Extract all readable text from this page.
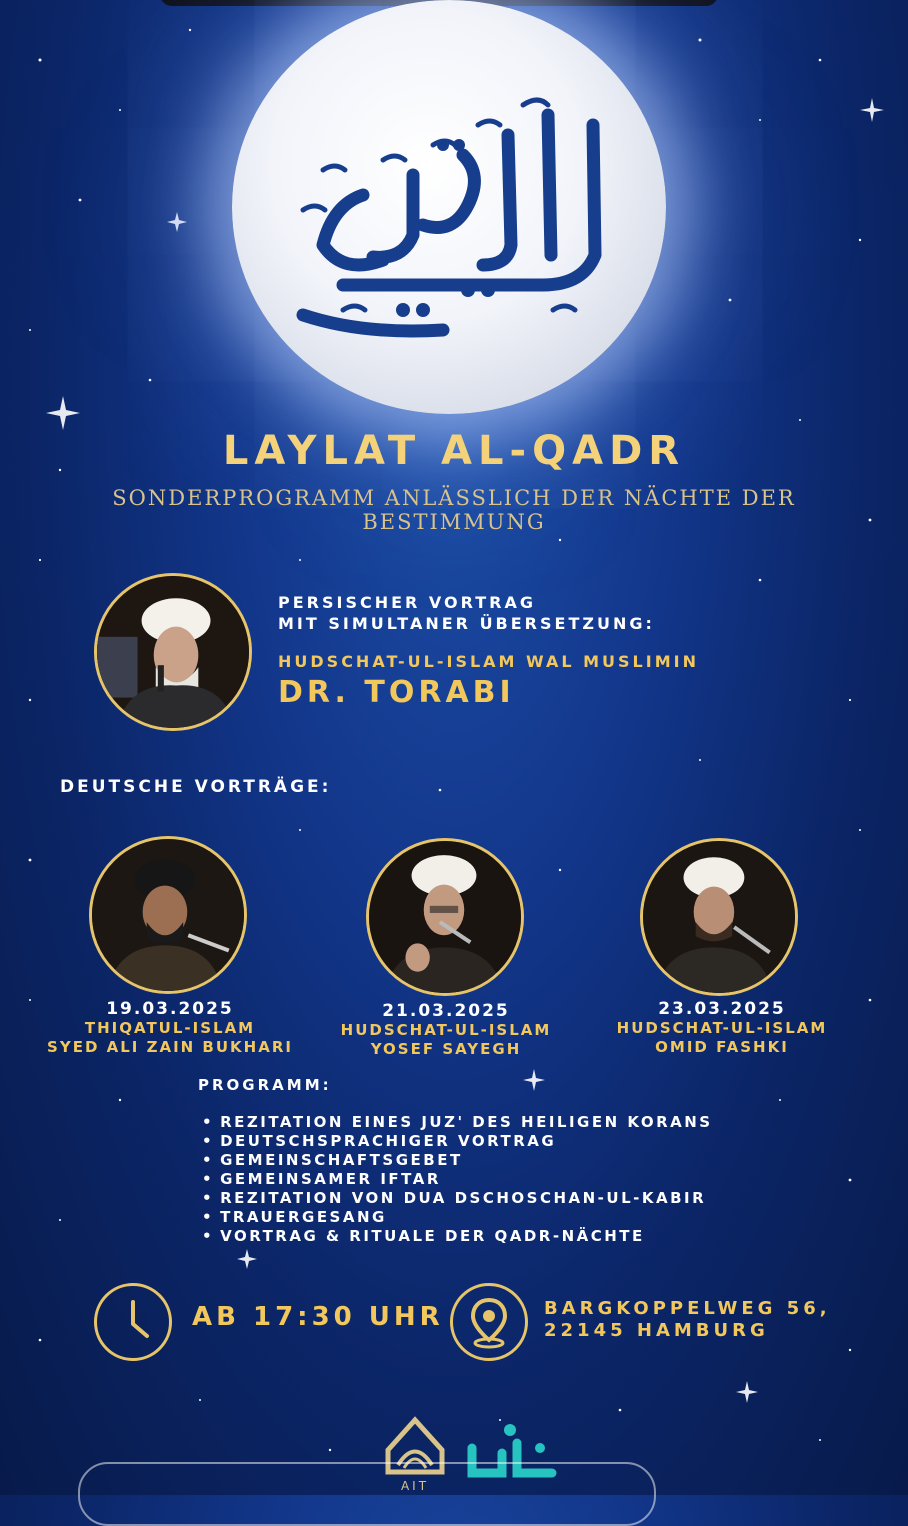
LAYLAT AL-QADR
SONDERPROGRAMM ANLÄSSLICH DER NÄCHTE DER BESTIMMUNG
PERSISCHER VORTRAG
MIT SIMULTANER ÜBERSETZUNG:
HUDSCHAT-UL-ISLAM WAL MUSLIMIN
DR. TORABI
DEUTSCHE VORTRÄGE:
19.03.2025
THIQATUL-ISLAM
SYED ALI ZAIN BUKHARI
21.03.2025
HUDSCHAT-UL-ISLAM
YOSEF SAYEGH
23.03.2025
HUDSCHAT-UL-ISLAM
OMID FASHKI
PROGRAMM:
• REZITATION EINES JUZ' DES HEILIGEN KORANS
• DEUTSCHSPRACHIGER VORTRAG
• GEMEINSCHAFTSGEBET
• GEMEINSAMER IFTAR
• REZITATION VON DUA DSCHOSCHAN-UL-KABIR
• TRAUERGESANG
• VORTRAG & RITUALE DER QADR-NÄCHTE
AB 17:30 UHR	BARGKOPPELWEG 56,
22145 HAMBURG
AIT
